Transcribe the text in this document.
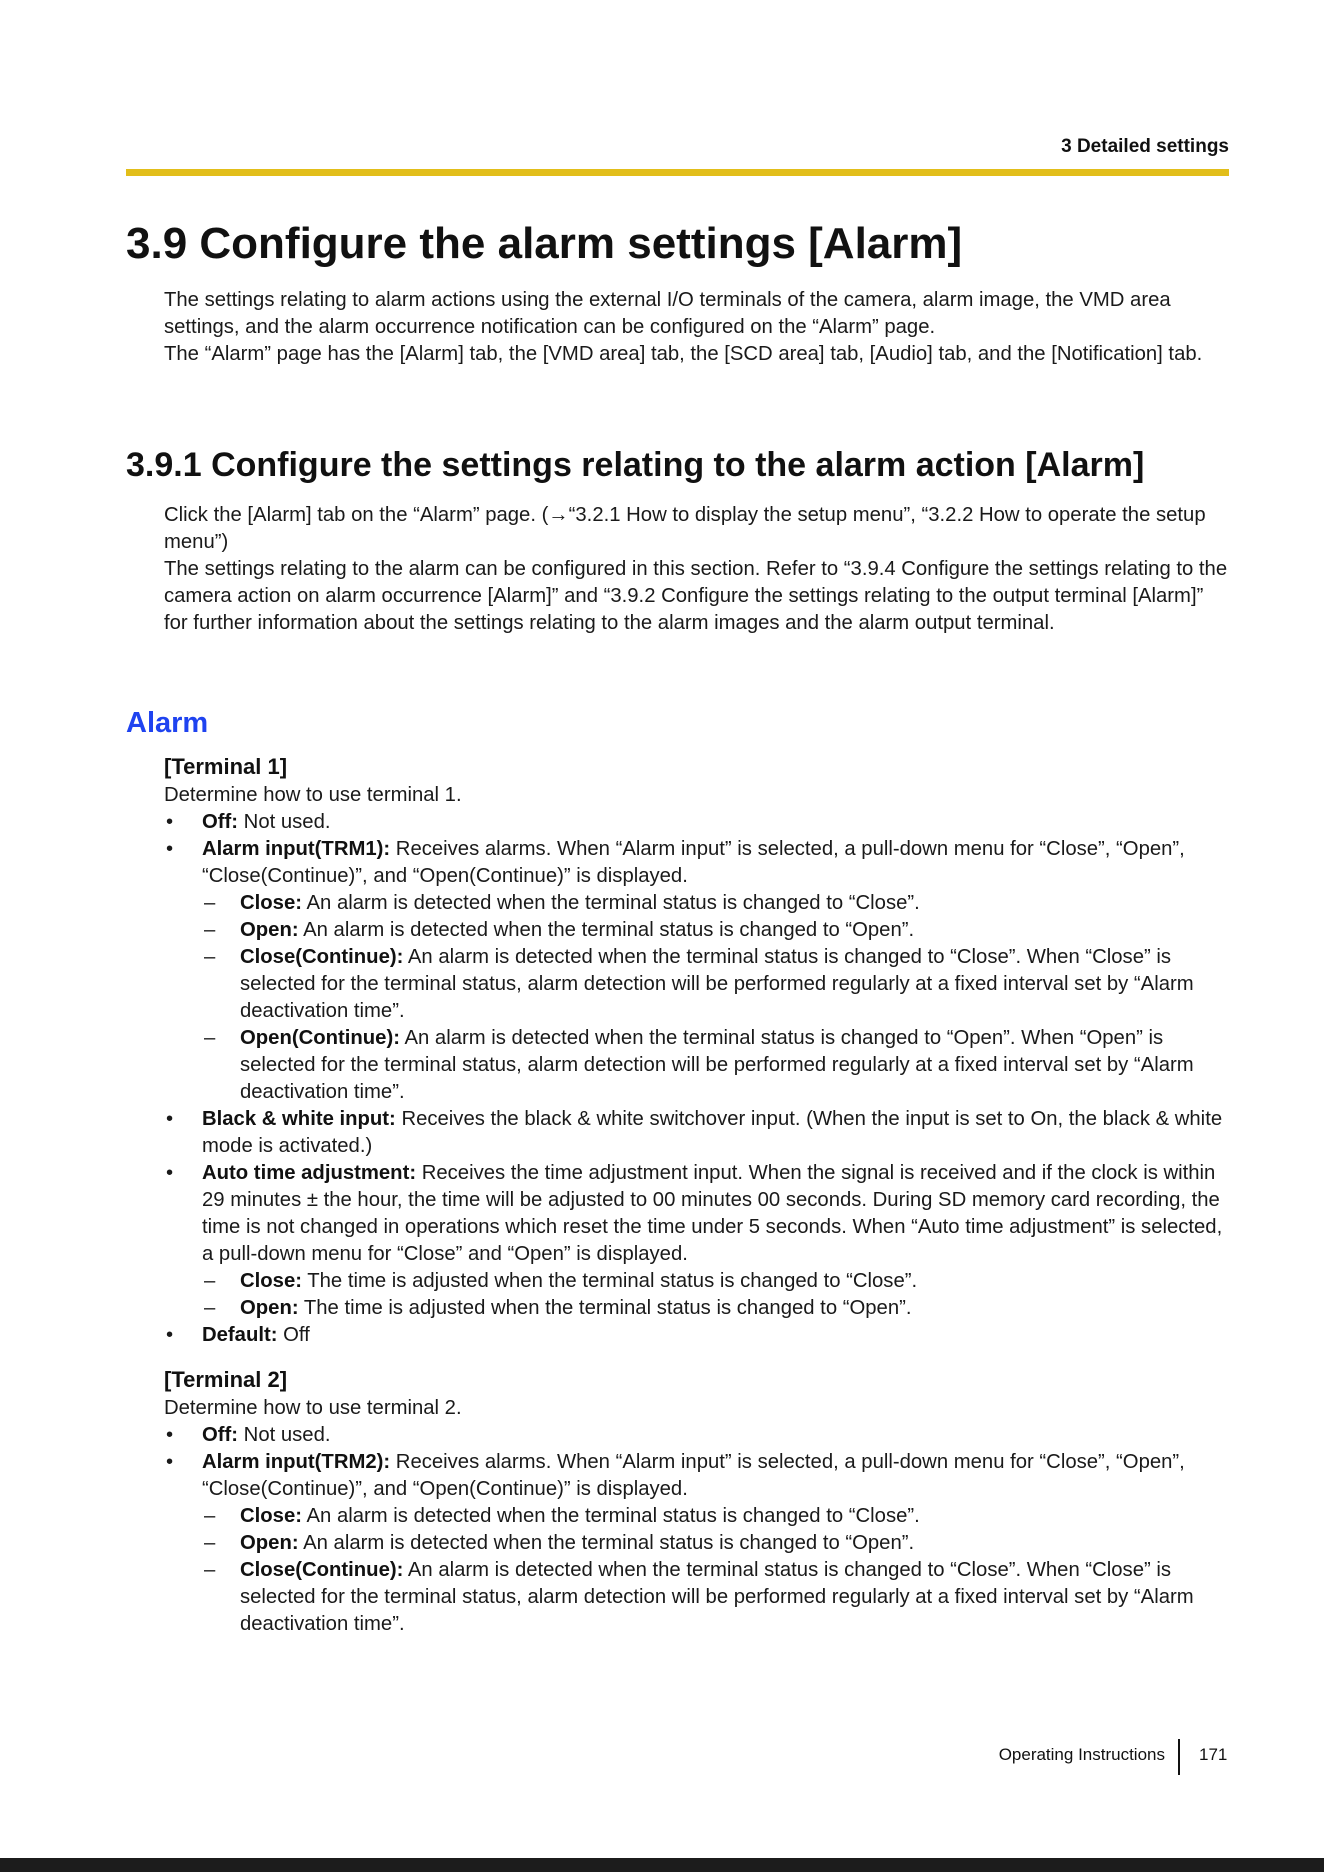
3 Detailed settings
3.9 Configure the alarm settings [Alarm]

The settings relating to alarm actions using the external I/O terminals of the camera, alarm image, the VMD area settings, and the alarm occurrence notification can be configured on the “Alarm” page.

The “Alarm” page has the [Alarm] tab, the [VMD area] tab, the [SCD area] tab, [Audio] tab, and the [Notification] tab.

3.9.1 Configure the settings relating to the alarm action [Alarm]

Click the [Alarm] tab on the “Alarm” page. (→“3.2.1 How to display the setup menu”, “3.2.2 How to operate the setup menu”)

The settings relating to the alarm can be configured in this section. Refer to “3.9.4 Configure the settings relating to the camera action on alarm occurrence [Alarm]” and “3.9.2 Configure the settings relating to the output terminal [Alarm]” for further information about the settings relating to the alarm images and the alarm output terminal.

Alarm

[Terminal 1]

Determine how to use terminal 1.

• Off: Not used.
• Alarm input(TRM1): Receives alarms. When “Alarm input” is selected, a pull-down menu for “Close”, “Open”, “Close(Continue)”, and “Open(Continue)” is displayed.
– Close: An alarm is detected when the terminal status is changed to “Close”.
– Open: An alarm is detected when the terminal status is changed to “Open”.
– Close(Continue): An alarm is detected when the terminal status is changed to “Close”. When “Close” is selected for the terminal status, alarm detection will be performed regularly at a fixed interval set by “Alarm deactivation time”.
– Open(Continue): An alarm is detected when the terminal status is changed to “Open”. When “Open” is selected for the terminal status, alarm detection will be performed regularly at a fixed interval set by “Alarm deactivation time”.
• Black & white input: Receives the black & white switchover input. (When the input is set to On, the black & white mode is activated.)
• Auto time adjustment: Receives the time adjustment input. When the signal is received and if the clock is within 29 minutes ± the hour, the time will be adjusted to 00 minutes 00 seconds. During SD memory card recording, the time is not changed in operations which reset the time under 5 seconds. When “Auto time adjustment” is selected, a pull-down menu for “Close” and “Open” is displayed.
– Close: The time is adjusted when the terminal status is changed to “Close”.
– Open: The time is adjusted when the terminal status is changed to “Open”.
• Default: Off

[Terminal 2]

Determine how to use terminal 2.

• Off: Not used.
• Alarm input(TRM2): Receives alarms. When “Alarm input” is selected, a pull-down menu for “Close”, “Open”, “Close(Continue)”, and “Open(Continue)” is displayed.
– Close: An alarm is detected when the terminal status is changed to “Close”.
– Open: An alarm is detected when the terminal status is changed to “Open”.
– Close(Continue): An alarm is detected when the terminal status is changed to “Close”. When “Close” is selected for the terminal status, alarm detection will be performed regularly at a fixed interval set by “Alarm deactivation time”.
Operating Instructions 171
